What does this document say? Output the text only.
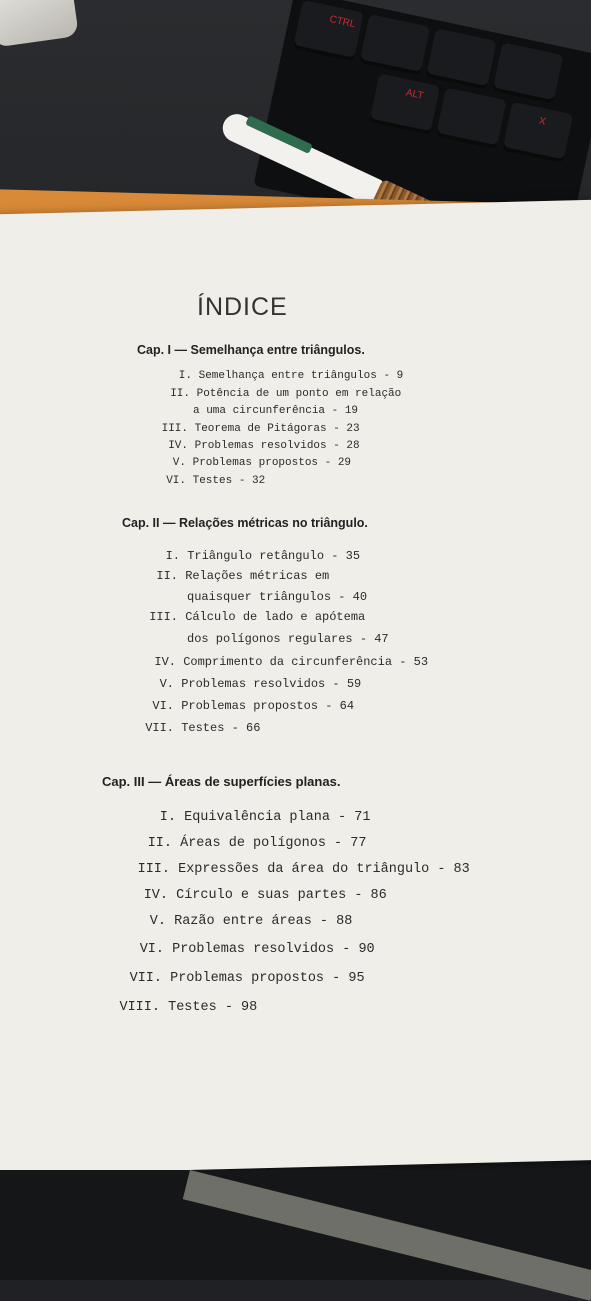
CTRL
ALT
X
ÍNDICE
Cap. I — Semelhança entre triângulos.
I. Semelhança entre triângulos - 9
II. Potência de um ponto em relação
a uma circunferência - 19
III. Teorema de Pitágoras - 23
IV. Problemas resolvidos - 28
V. Problemas propostos - 29
VI. Testes - 32
Cap. II — Relações métricas no triângulo.
I. Triângulo retângulo - 35
II. Relações métricas em
quaisquer triângulos - 40
III. Cálculo de lado e apótema
dos polígonos regulares - 47
IV. Comprimento da circunferência - 53
V. Problemas resolvidos - 59
VI. Problemas propostos - 64
VII. Testes - 66
Cap. III — Áreas de superfícies planas.
I. Equivalência plana - 71
II. Áreas de polígonos - 77
III. Expressões da área do triângulo - 83
IV. Círculo e suas partes - 86
V. Razão entre áreas - 88
VI. Problemas resolvidos - 90
VII. Problemas propostos - 95
VIII. Testes - 98
